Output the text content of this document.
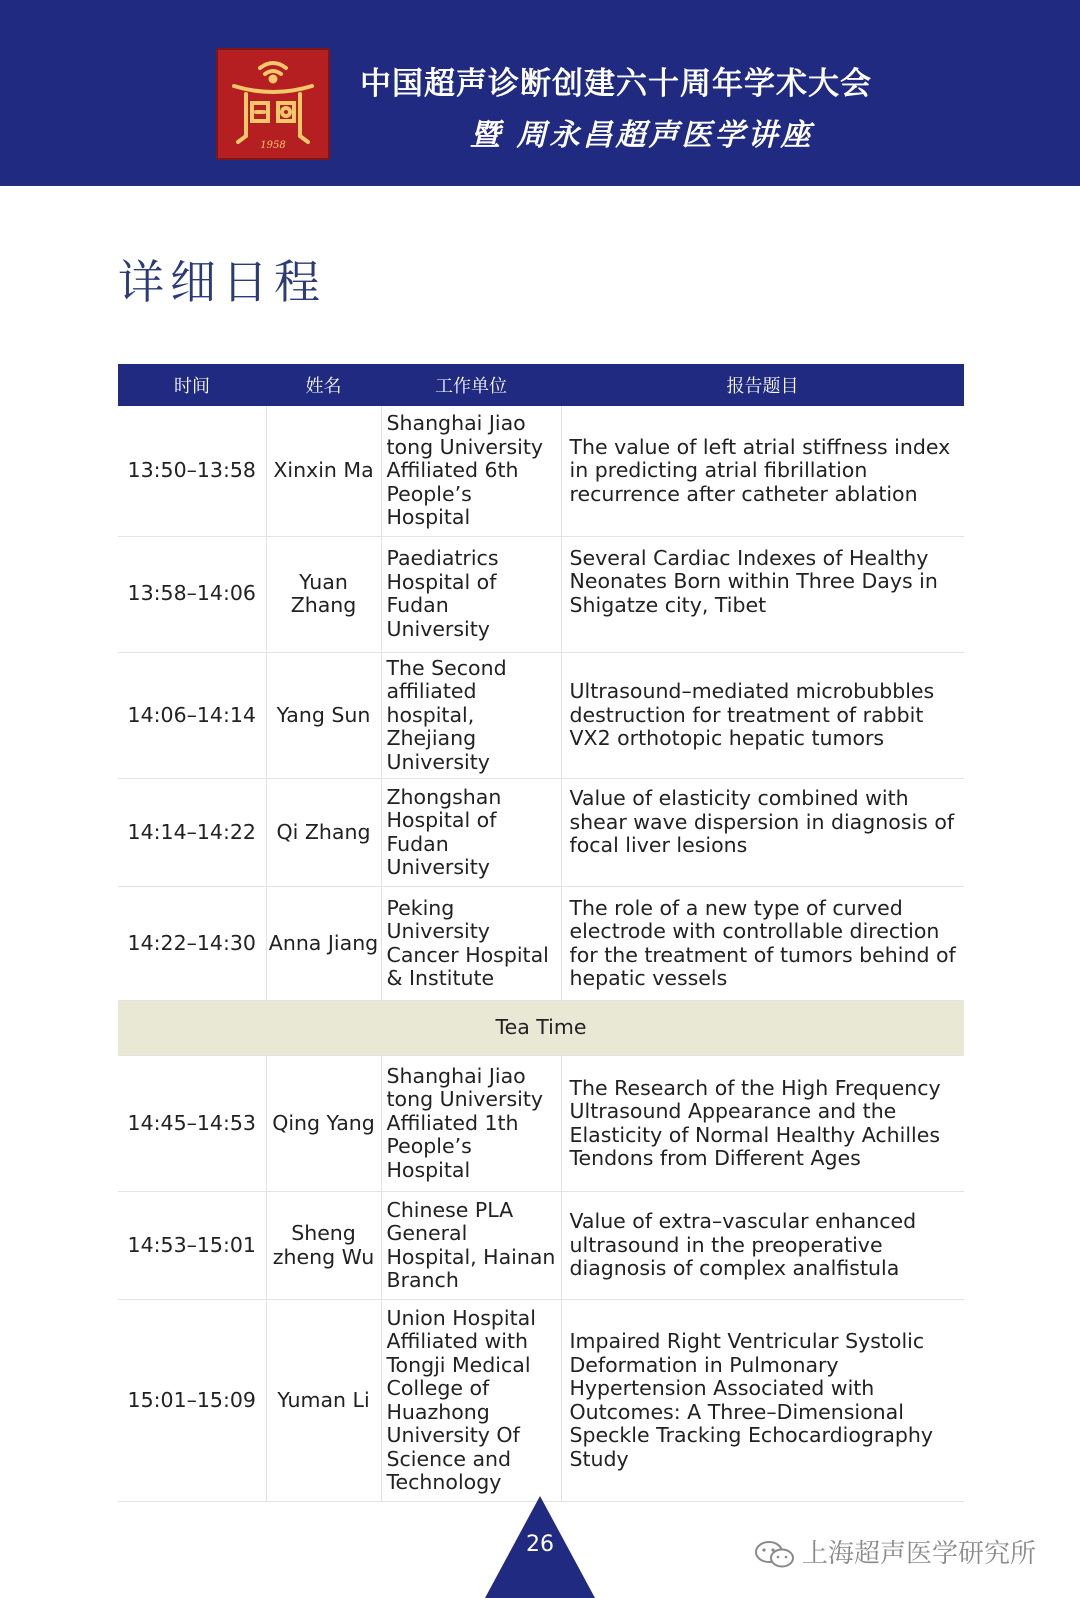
1958
中国超声诊断创建六十周年学术大会
暨 周永昌超声医学讲座
详细日程
时间	姓名	工作单位	报告题目
13:50–13:58	Xinxin Ma	Shanghai Jiao tong University Affiliated 6th People’s Hospital	The value of left atrial stiffness index in predicting atrial fibrillation recurrence after catheter ablation
13:58–14:06	Yuan Zhang	Paediatrics Hospital of Fudan University	Several Cardiac Indexes of Healthy Neonates Born within Three Days in Shigatze city, Tibet
14:06–14:14	Yang Sun	The Second affiliated hospital, Zhejiang University	Ultrasound–mediated microbubbles destruction for treatment of rabbit VX2 orthotopic hepatic tumors
14:14–14:22	Qi Zhang	Zhongshan Hospital of Fudan University	Value of elasticity combined with shear wave dispersion in diagnosis of focal liver lesions
14:22–14:30	Anna Jiang	Peking University Cancer Hospital & Institute	The role of a new type of curved electrode with controllable direction for the treatment of tumors behind of hepatic vessels
Tea Time			
14:45–14:53	Qing Yang	Shanghai Jiao tong University Affiliated 1th People’s Hospital	The Research of the High Frequency Ultrasound Appearance and the Elasticity of Normal Healthy Achilles Tendons from Different Ages
14:53–15:01	Sheng zheng Wu	Chinese PLA General Hospital, Hainan Branch	Value of extra–vascular enhanced ultrasound in the preoperative diagnosis of complex analfistula
15:01–15:09	Yuman Li	Union Hospital Affiliated with Tongji Medical College of Huazhong University Of Science and Technology	Impaired Right Ventricular Systolic Deformation in Pulmonary Hypertension Associated with Outcomes: A Three–Dimensional Speckle Tracking Echocardiography Study
26	上海超声医学研究所
